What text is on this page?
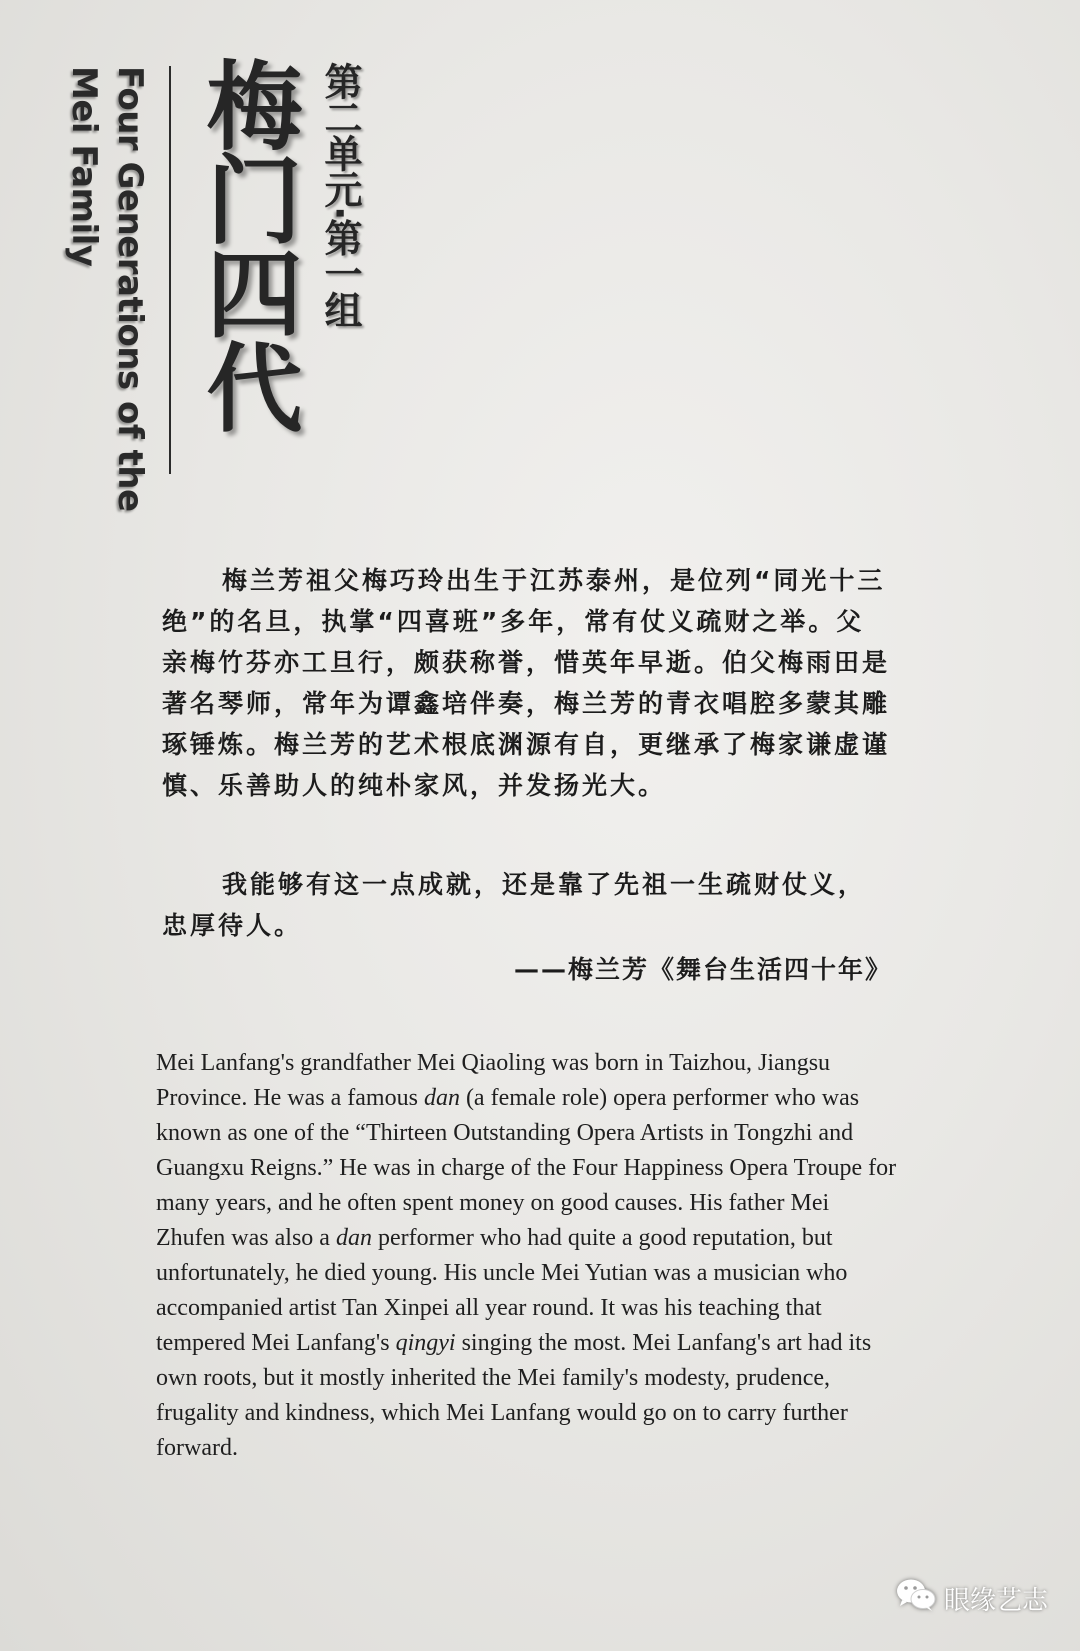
Four Generations of the
Mei Family 梅门四代 第二单元·第一组

梅兰芳祖父梅巧玲出生于江苏泰州，是位列“同光十三绝”的名旦，执掌“四喜班”多年，常有仗义疏财之举。父亲梅竹芬亦工旦行，颇获称誉，惜英年早逝。伯父梅雨田是著名琴师，常年为谭鑫培伴奏，梅兰芳的青衣唱腔多蒙其雕琢锤炼。梅兰芳的艺术根底渊源有自，更继承了梅家谦虚谨慎、乐善助人的纯朴家风，并发扬光大。

我能够有这一点成就，还是靠了先祖一生疏财仗义，忠厚待人。

——梅兰芳《舞台生活四十年》

Mei Lanfang's grandfather Mei Qiaoling was born in Taizhou, Jiangsu Province. He was a famous dan (a female role) opera performer who was known as one of the “Thirteen Outstanding Opera Artists in Tongzhi and Guangxu Reigns.” He was in charge of the Four Happiness Opera Troupe for many years, and he often spent money on good causes. His father Mei Zhufen was also a dan performer who had quite a good reputation, but unfortunately, he died young. His uncle Mei Yutian was a musician who accompanied artist Tan Xinpei all year round. It was his teaching that tempered Mei Lanfang's qingyi singing the most. Mei Lanfang's art had its own roots, but it mostly inherited the Mei family's modesty, prudence, frugality and kindness, which Mei Lanfang would go on to carry further forward.

眼缘艺志
